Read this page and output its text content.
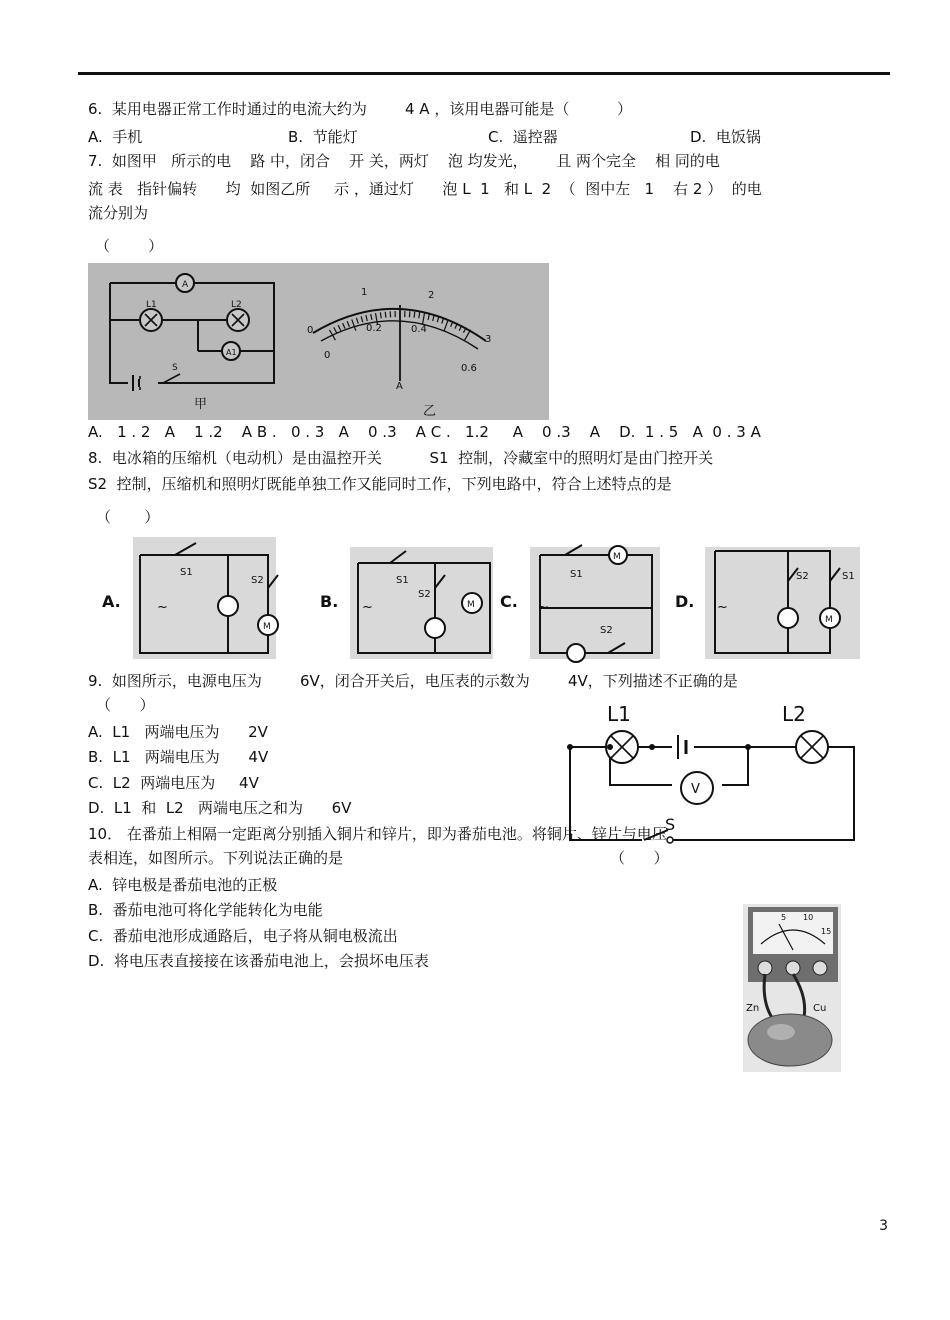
6.  某用电器正常工作时通过的电流大约为        4 A ，该用电器可能是（          ）
A.  手机	B.  节能灯	C.  遥控器	D.  电饭锅
7.  如图甲   所示的电    路 中，闭合    开 关，两灯    泡 均发光，      且 两个完全    相 同的电
流 表   指针偏转      均  如图乙所     示 ，通过灯      泡 L  1   和 L  2  （  图中左   1    右 2 ）  的电
流分别为
（        ）
A
A1
L1	L2
S
甲
0
1	2
3
0
0.2	0.4
0.6
A
乙
A.   1 . 2   A    1 .2    A B .   0 . 3   A    0 .3    A C .   1.2     A    0 .3    A    D.  1 . 5   A  0 . 3 A
8.  电冰箱的压缩机（电动机）是由温控开关          S1  控制，冷藏室中的照明灯是由门控开关
S2  控制，压缩机和照明灯既能单独工作又能同时工作，下列电路中，符合上述特点的是
（       ）
~
S1
S2
M
A.	~
S1
S2
M
B.	~
S1
S2
M
C.	~
S2	S1
M
D.
9.  如图所示，电源电压为        6V，闭合开关后，电压表的示数为        4V，下列描述不正确的是
（      ）
A.  L1   两端电压为      2V
B.  L1   两端电压为      4V
C.  L2  两端电压为     4V
D.  L1  和  L2   两端电压之和为      6V
V
L1	L2
S
10． 在番茄上相隔一定距离分别插入铜片和锌片，即为番茄电池。将铜片、锌片与电压
表相连，如图所示。下列说法正确的是	（      ）
A.  锌电极是番茄电池的正极
B.  番茄电池可将化学能转化为电能
C.  番茄电池形成通路后，电子将从铜电极流出
D.  将电压表直接接在该番茄电池上，会损坏电压表
5 10
15
Zn	Cu
3
